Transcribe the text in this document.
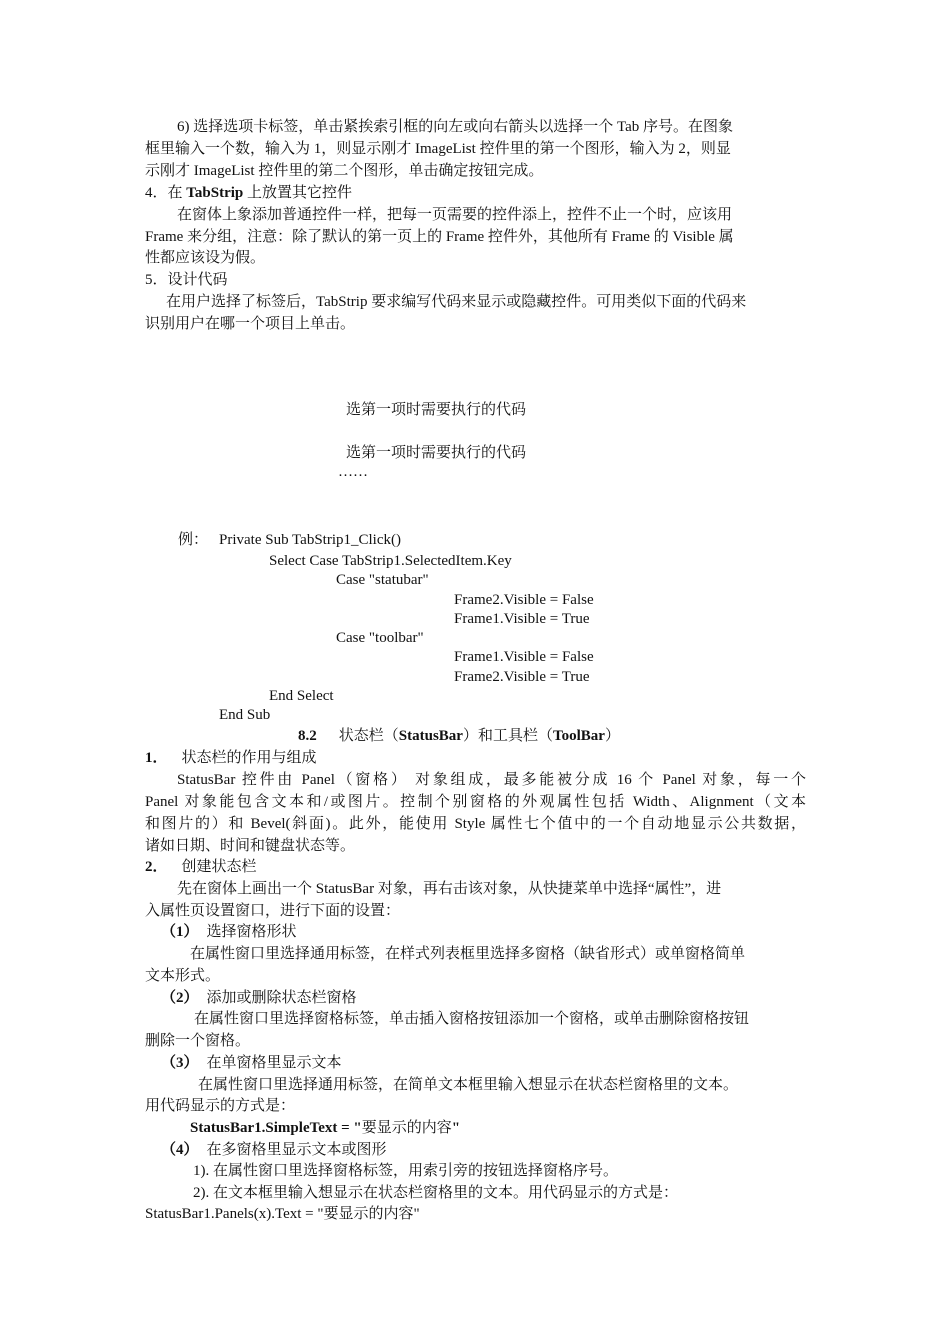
6) 选择选项卡标签，单击紧挨索引框的向左或向右箭头以选择一个 Tab 序号。在图象
框里输入一个数，输入为 1，则显示刚才 ImageList 控件里的第一个图形，输入为 2，则显
示刚才 ImageList 控件里的第二个图形，单击确定按钮完成。
4．在 TabStrip 上放置其它控件
在窗体上象添加普通控件一样，把每一页需要的控件添上，控件不止一个时，应该用
Frame 来分组，注意：除了默认的第一页上的 Frame 控件外，其他所有 Frame 的 Visible 属
性都应该设为假。
5．设计代码
在用户选择了标签后，TabStrip 要求编写代码来显示或隐藏控件。可用类似下面的代码来
识别用户在哪一个项目上单击。
选第一项时需要执行的代码
选第一项时需要执行的代码
……
例： Private Sub TabStrip1_Click()
Select Case TabStrip1.SelectedItem.Key
Case "statubar"
Frame2.Visible = False
Frame1.Visible = True
Case "toolbar"
Frame1.Visible = False
Frame2.Visible = True
End Select
End Sub
8.2 状态栏（StatusBar）和工具栏（ToolBar）
1． 状态栏的作用与组成
StatusBar 控件由 Panel（窗格） 对象组成，最多能被分成 16 个 Panel 对象，每一个
Panel 对象能包含文本和/或图片。控制个别窗格的外观属性包括 Width、Alignment（文本
和图片的）和 Bevel(斜面)。此外，能使用 Style 属性七个值中的一个自动地显示公共数据，
诸如日期、时间和键盘状态等。
2． 创建状态栏
先在窗体上画出一个 StatusBar 对象，再右击该对象，从快捷菜单中选择“属性”，进
入属性页设置窗口，进行下面的设置：
（1） 选择窗格形状
在属性窗口里选择通用标签，在样式列表框里选择多窗格（缺省形式）或单窗格简单
文本形式。
（2） 添加或删除状态栏窗格
在属性窗口里选择窗格标签，单击插入窗格按钮添加一个窗格，或单击删除窗格按钮
删除一个窗格。
（3） 在单窗格里显示文本
在属性窗口里选择通用标签，在简单文本框里输入想显示在状态栏窗格里的文本。
用代码显示的方式是：
StatusBar1.SimpleText = "要显示的内容"
（4） 在多窗格里显示文本或图形
1). 在属性窗口里选择窗格标签，用索引旁的按钮选择窗格序号。
2). 在文本框里输入想显示在状态栏窗格里的文本。用代码显示的方式是：
StatusBar1.Panels(x).Text = "要显示的内容"
